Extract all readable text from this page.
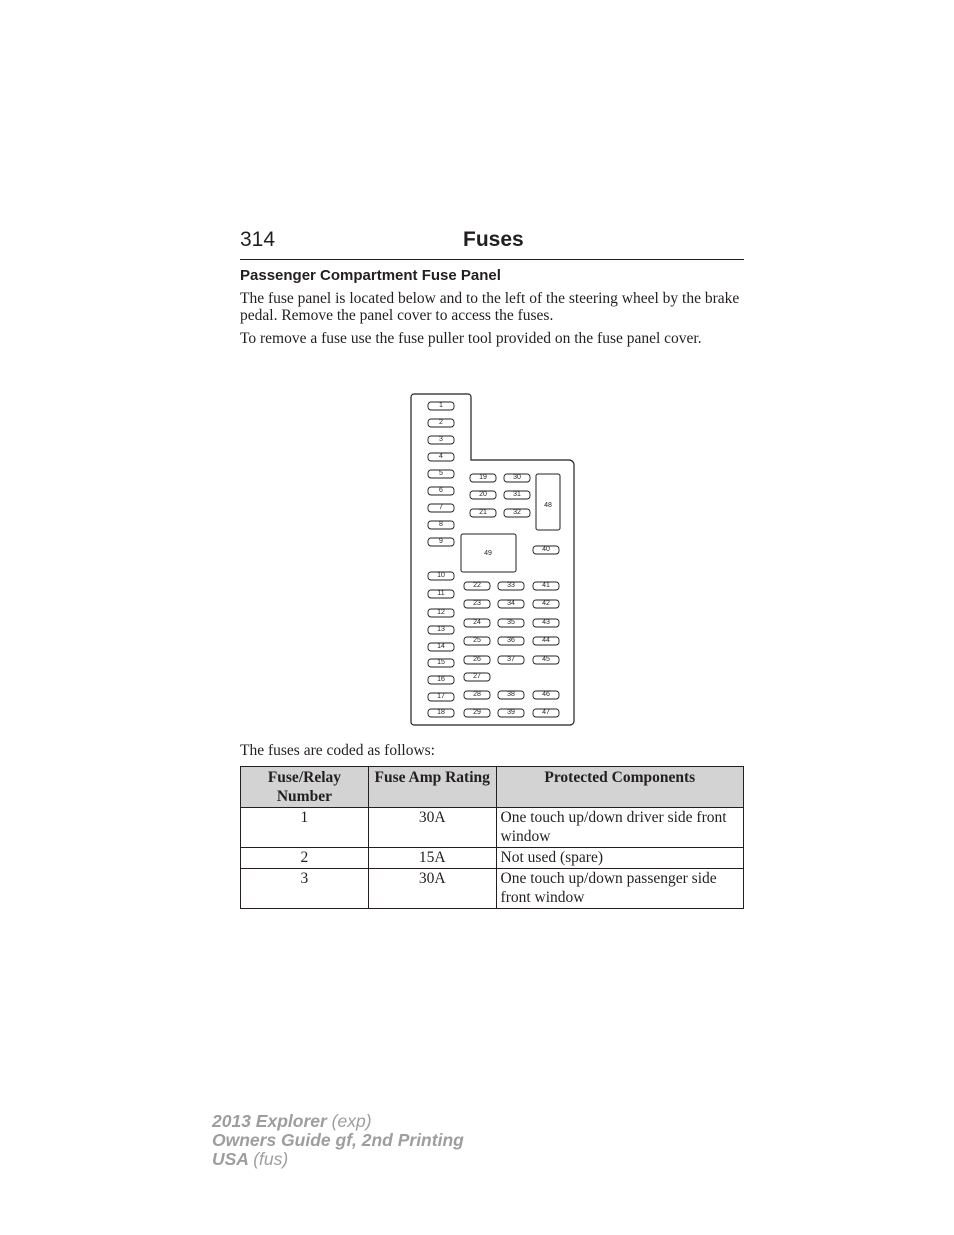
314	Fuses
Passenger Compartment Fuse Panel
The fuse panel is located below and to the left of the steering wheel by the brake pedal. Remove the panel cover to access the fuses.
To remove a fuse use the fuse puller tool provided on the fuse panel cover.
1
2
3
4
5
6
7
8
9
10
11
12
13
14
15
16
17
18
19
20
21
22
23
24
25
26
27
28
29
30
31
32
33
34
35
36
37
38
39
40
41
42
43
44
45
46
47
48
49
The fuses are coded as follows:
Fuse/Relay Number	Fuse Amp Rating	Protected Components
1	30A	One touch up/down driver side front window
2	15A	Not used (spare)
3	30A	One touch up/down passenger side front window
2013 Explorer (exp)
Owners Guide gf, 2nd Printing
USA (fus)
